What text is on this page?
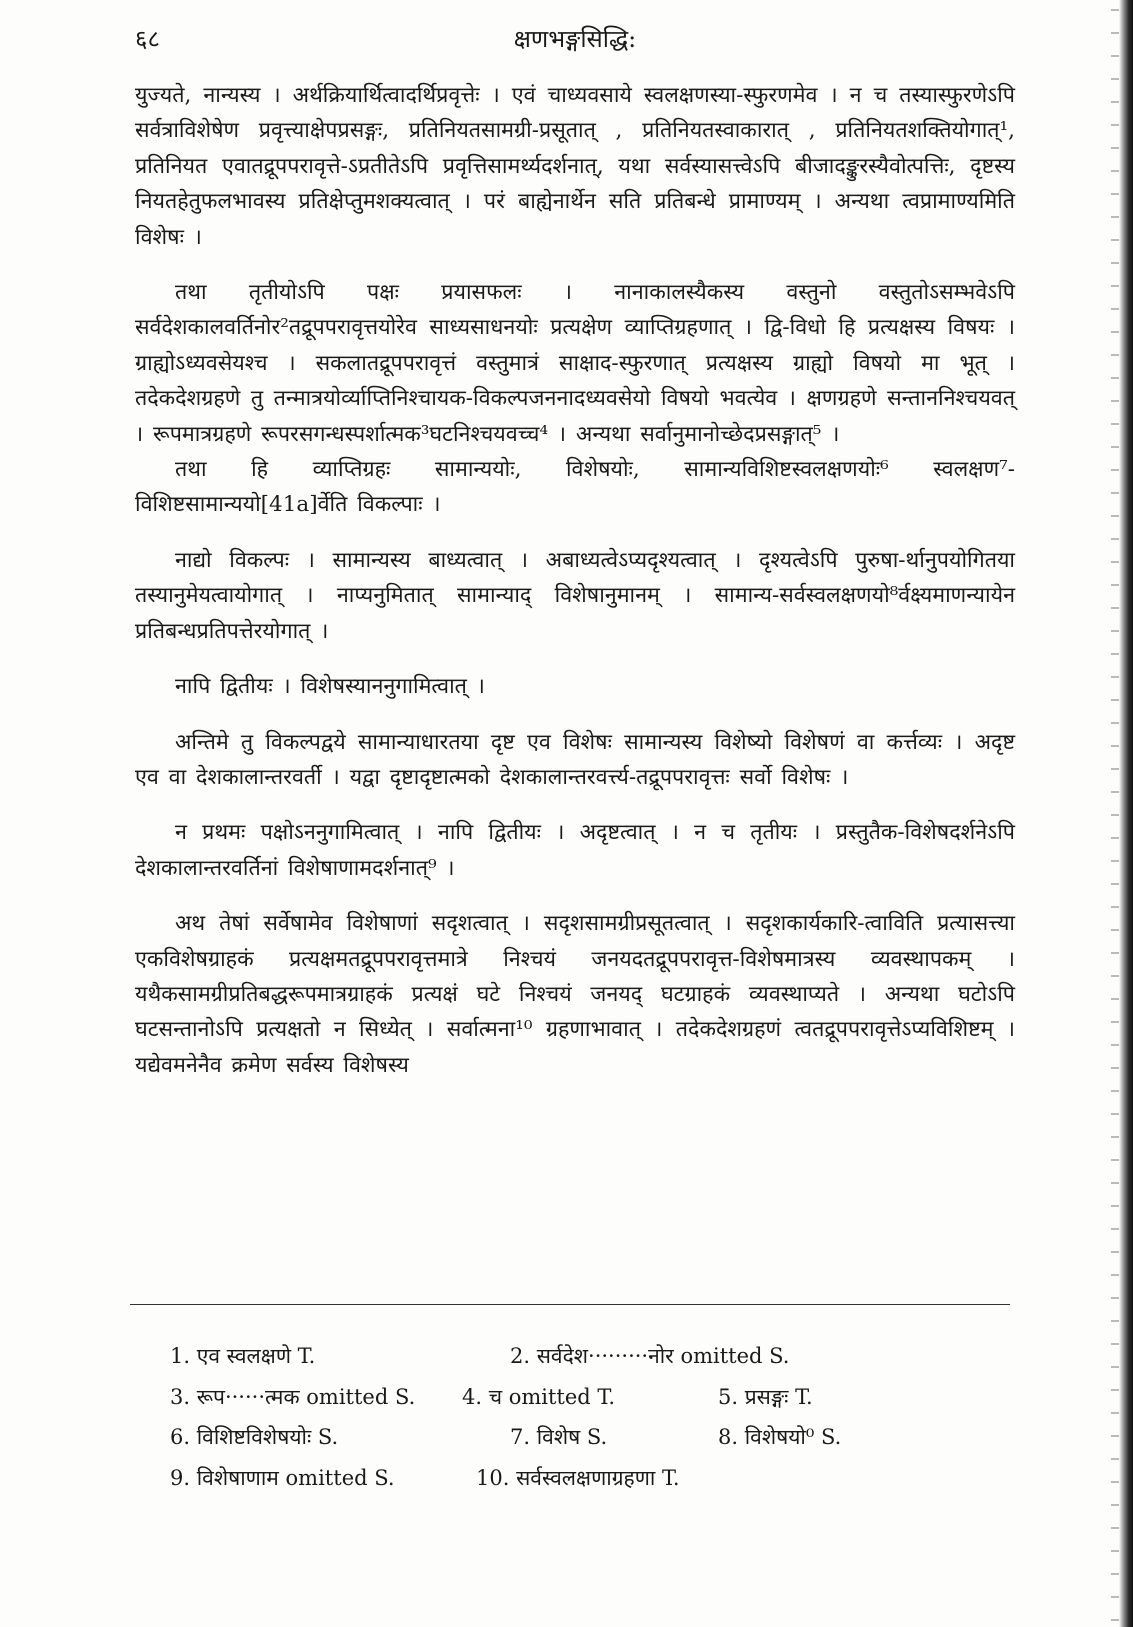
६८	क्षणभङ्गसिद्धि:

युज्यते, नान्यस्य । अर्थक्रियार्थित्वादर्थिप्रवृत्तेः । एवं चाध्यवसाये स्वलक्षणस्या-स्फुरणमेव । न च तस्यास्फुरणेऽपि सर्वत्राविशेषेण प्रवृत्त्याक्षेपप्रसङ्गः, प्रतिनियतसामग्री-प्रसूतात् , प्रतिनियतस्वाकारात् , प्रतिनियतशक्तियोगात्¹, प्रतिनियत एवातद्रूपपरावृत्ते-ऽप्रतीतेऽपि प्रवृत्तिसामर्थ्यदर्शनात्, यथा सर्वस्यासत्त्वेऽपि बीजादङ्कुरस्यैवोत्पत्तिः, दृष्टस्य नियतहेतुफलभावस्य प्रतिक्षेप्तुमशक्यत्वात् । परं बाह्येनार्थेन सति प्रतिबन्धे प्रामाण्यम् । अन्यथा त्वप्रामाण्यमिति विशेषः ।

तथा तृतीयोऽपि पक्षः प्रयासफलः । नानाकालस्यैकस्य वस्तुनो वस्तुतोऽसम्भवेऽपि सर्वदेशकालवर्तिनोर²तद्रूपपरावृत्तयोरेव साध्यसाधनयोः प्रत्यक्षेण व्याप्तिग्रहणात् । द्वि-विधो हि प्रत्यक्षस्य विषयः । ग्राह्योऽध्यवसेयश्च । सकलातद्रूपपरावृत्तं वस्तुमात्रं साक्षाद-स्फुरणात् प्रत्यक्षस्य ग्राह्यो विषयो मा भूत् । तदेकदेशग्रहणे तु तन्मात्रयोर्व्याप्तिनिश्चायक-विकल्पजननादध्यवसेयो विषयो भवत्येव । क्षणग्रहणे सन्ताननिश्चयवत् । रूपमात्रग्रहणे रूपरसगन्धस्पर्शात्मक³घटनिश्चयवच्च⁴ । अन्यथा सर्वानुमानोच्छेदप्रसङ्गात्⁵ ।

तथा हि व्याप्तिग्रहः सामान्ययोः, विशेषयोः, सामान्यविशिष्टस्वलक्षणयोः⁶ स्वलक्षण⁷-विशिष्टसामान्ययो[41a]र्वेति विकल्पाः ।

नाद्यो विकल्पः । सामान्यस्य बाध्यत्वात् । अबाध्यत्वेऽप्यदृश्यत्वात् । दृश्यत्वेऽपि पुरुषा-र्थानुपयोगितया तस्यानुमेयत्वायोगात् । नाप्यनुमितात् सामान्याद् विशेषानुमानम् । सामान्य-सर्वस्वलक्षणयो⁸र्वक्ष्यमाणन्यायेन प्रतिबन्धप्रतिपत्तेरयोगात् ।

नापि द्वितीयः । विशेषस्याननुगामित्वात् ।

अन्तिमे तु विकल्पद्वये सामान्याधारतया दृष्ट एव विशेषः सामान्यस्य विशेष्यो विशेषणं वा कर्त्तव्यः । अदृष्ट एव वा देशकालान्तरवर्ती । यद्वा दृष्टादृष्टात्मको देशकालान्तरवर्त्त्य-तद्रूपपरावृत्तः सर्वो विशेषः ।

न प्रथमः पक्षोऽननुगामित्वात् । नापि द्वितीयः । अदृष्टत्वात् । न च तृतीयः । प्रस्तुतैक-विशेषदर्शनेऽपि देशकालान्तरवर्तिनां विशेषाणामदर्शनात्⁹ ।

अथ तेषां सर्वेषामेव विशेषाणां सदृशत्वात् । सदृशसामग्रीप्रसूतत्वात् । सदृशकार्यकारि-त्वाविति प्रत्यासत्त्या एकविशेषग्राहकं प्रत्यक्षमतद्रूपपरावृत्तमात्रे निश्चयं जनयदतद्रूपपरावृत्त-विशेषमात्रस्य व्यवस्थापकम् । यथैकसामग्रीप्रतिबद्धरूपमात्रग्राहकं प्रत्यक्षं घटे निश्चयं जनयद् घटग्राहकं व्यवस्थाप्यते । अन्यथा घटोऽपि घटसन्तानोऽपि प्रत्यक्षतो न सिध्येत् । सर्वात्मना¹⁰ ग्रहणाभावात् । तदेकदेशग्रहणं त्वतद्रूपपरावृत्तेऽप्यविशिष्टम् । यद्येवमनेनैव क्रमेण सर्वस्य विशेषस्य

1. एव स्वलक्षणे T.	2. सर्वदेश·········नोर omitted S.
3. रूप······त्मक omitted S. 4. च omitted T.	5. प्रसङ्गः T.
6. विशिष्टविशेषयोः S.	7. विशेष S.	8. विशेषयो⁰ S.
9. विशेषाणाम omitted S.	10. सर्वस्वलक्षणाग्रहणा T.
